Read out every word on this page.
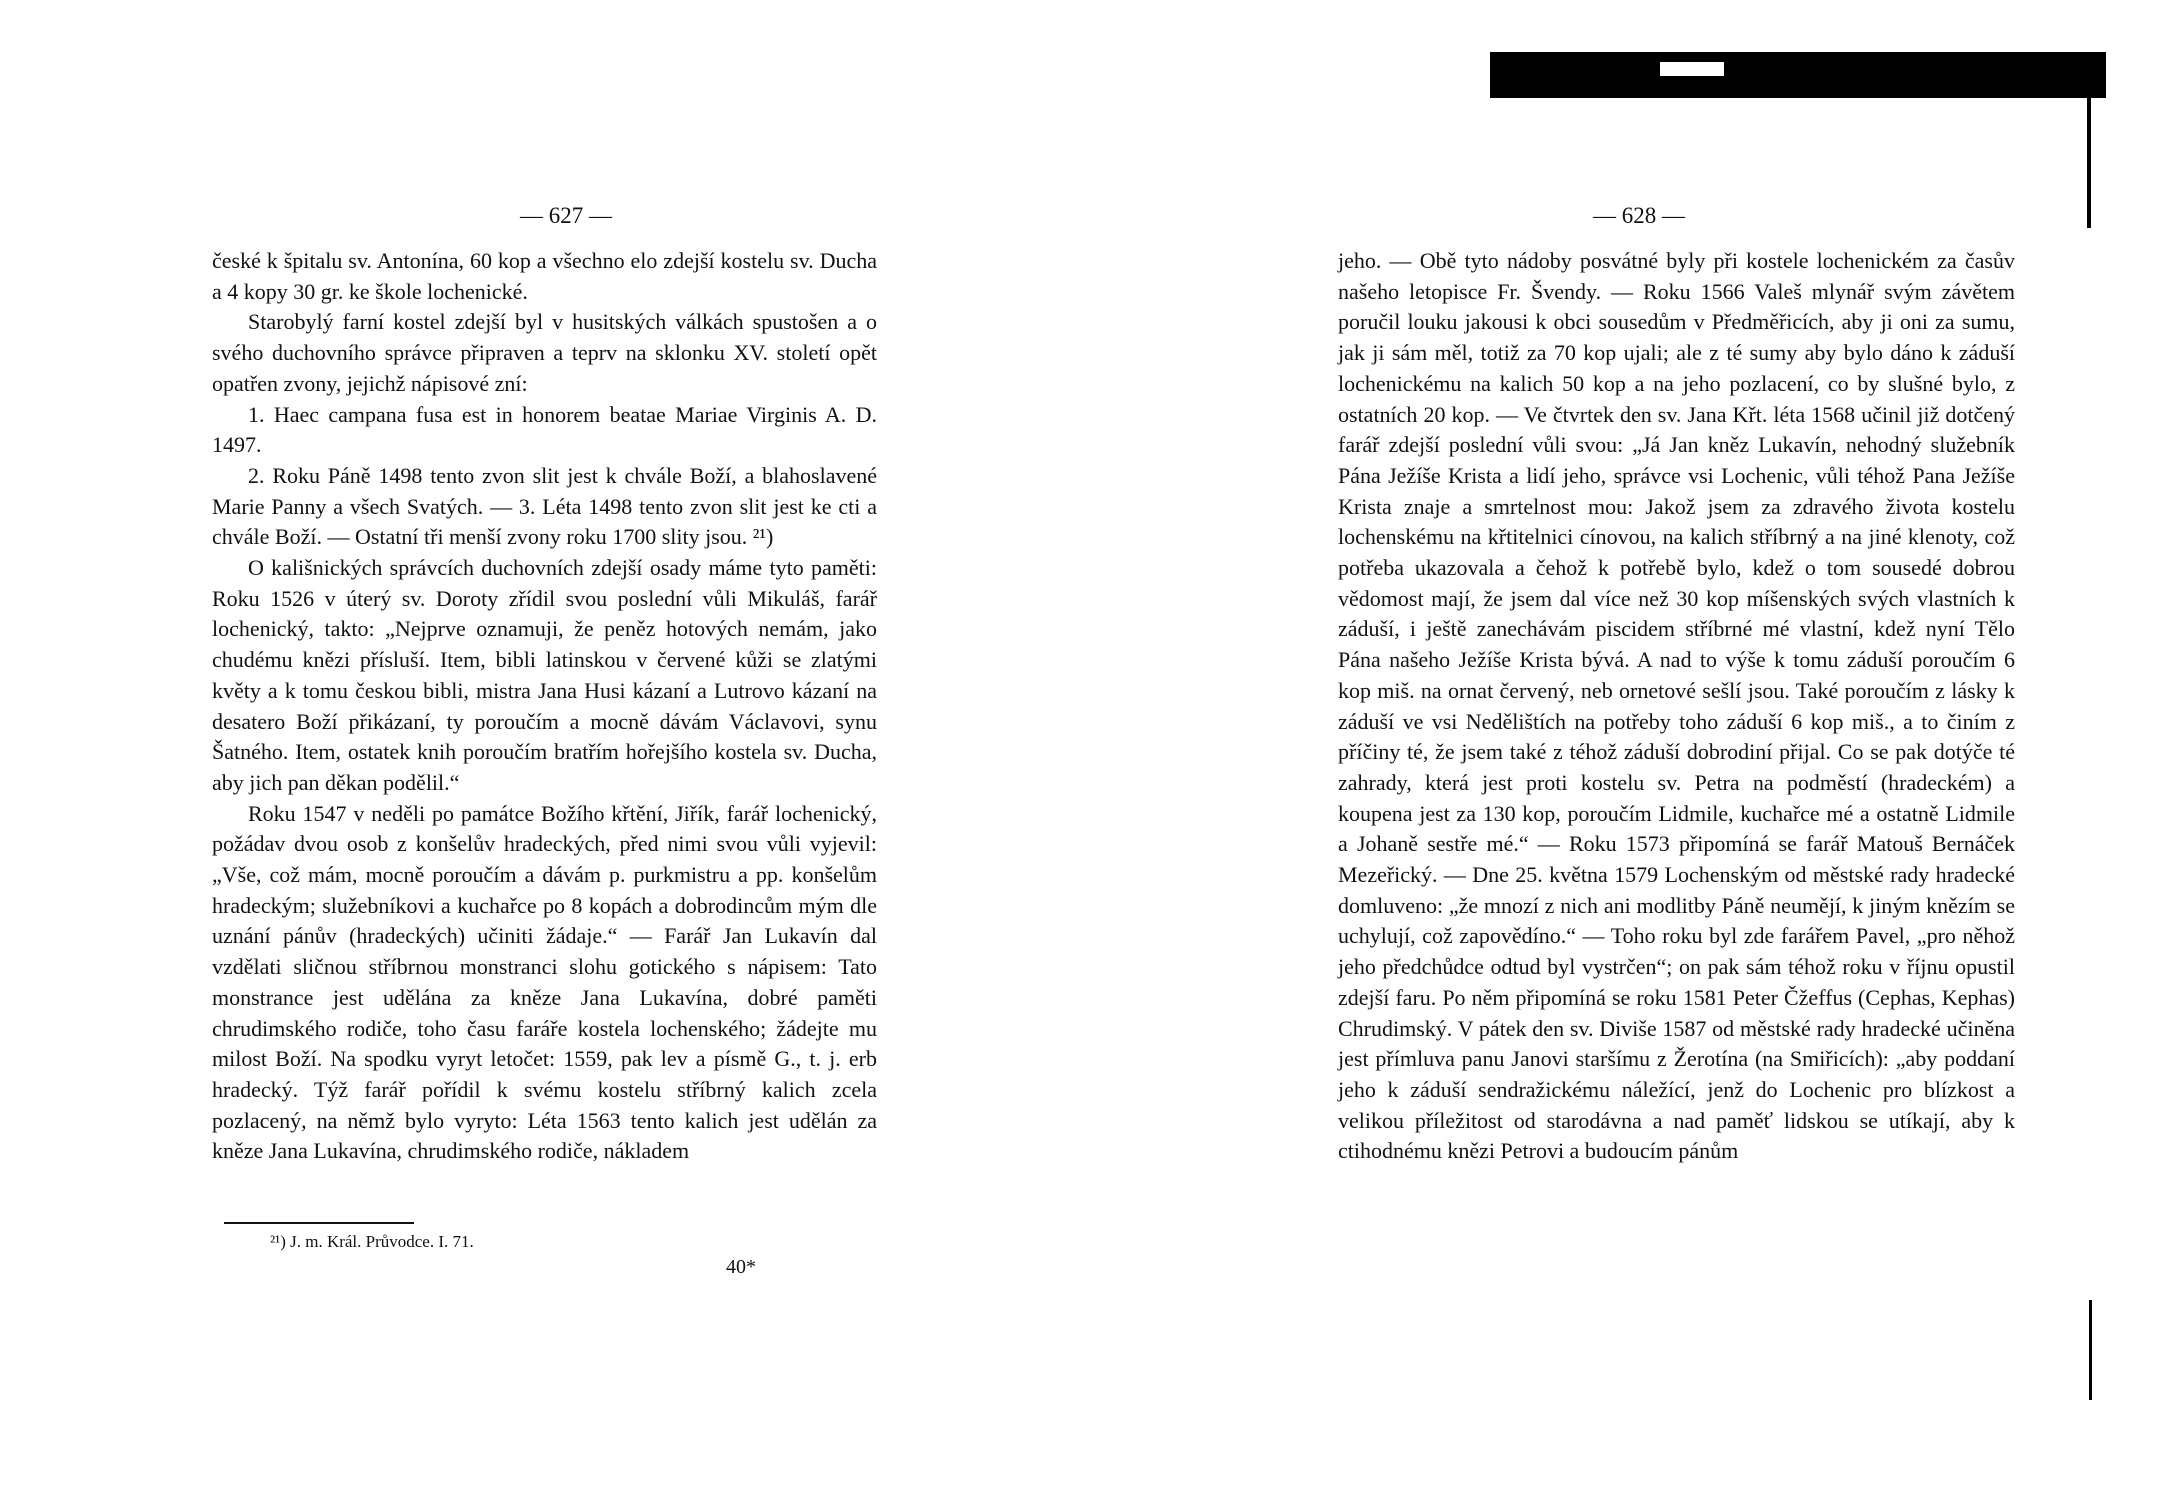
— 627 —

české k špitalu sv. Antonína, 60 kop a všechno elo zdejší kostelu sv. Ducha a 4 kopy 30 gr. ke škole lochenické.

Starobylý farní kostel zdejší byl v husitských válkách spustošen a o svého duchovního správce připraven a teprv na sklonku XV. století opět opatřen zvony, jejichž nápisové zní:

1. Haec campana fusa est in honorem beatae Mariae Virginis A. D. 1497.

2. Roku Páně 1498 tento zvon slit jest k chvále Boží, a blahoslavené Marie Panny a všech Svatých. — 3. Léta 1498 tento zvon slit jest ke cti a chvále Boží. — Ostatní tři menší zvony roku 1700 slity jsou. ²¹)

O kališnických správcích duchovních zdejší osady máme tyto paměti: Roku 1526 v úterý sv. Doroty zřídil svou poslední vůli Mikuláš, farář lochenický, takto: „Nejprve oznamuji, že peněz hotových nemám, jako chudému knězi přísluší. Item, bibli latinskou v červené kůži se zlatými květy a k tomu českou bibli, mistra Jana Husi kázaní a Lutrovo kázaní na desatero Boží přikázaní, ty poroučím a mocně dávám Václavovi, synu Šatného. Item, ostatek knih poroučím bratřím hořejšího kostela sv. Ducha, aby jich pan děkan podělil.“

Roku 1547 v neděli po památce Božího křtění, Jiřík, farář lochenický, požádav dvou osob z konšelův hradeckých, před nimi svou vůli vyjevil: „Vše, což mám, mocně poroučím a dávám p. purkmistru a pp. konšelům hradeckým; služebníkovi a kuchařce po 8 kopách a dobrodincům mým dle uznání pánův (hradeckých) učiniti žádaje.“ — Farář Jan Lukavín dal vzdělati sličnou stříbrnou monstranci slohu gotického s nápisem: Tato monstrance jest udělána za kněze Jana Lukavína, dobré paměti chrudimského rodiče, toho času faráře kostela lochenského; žádejte mu milost Boží. Na spodku vyryt letočet: 1559, pak lev a písmě G., t. j. erb hradecký. Týž farář pořídil k svému kostelu stříbrný kalich zcela pozlacený, na němž bylo vyryto: Léta 1563 tento kalich jest udělán za kněze Jana Lukavína, chrudimského rodiče, nákladem

²¹) J. m. Král. Průvodce. I. 71.
40*
— 628 —

jeho. — Obě tyto nádoby posvátné byly při kostele lochenickém za časův našeho letopisce Fr. Švendy. — Roku 1566 Valeš mlynář svým závětem poručil louku jakousi k obci sousedům v Předměřicích, aby ji oni za sumu, jak ji sám měl, totiž za 70 kop ujali; ale z té sumy aby bylo dáno k záduší lochenickému na kalich 50 kop a na jeho pozlacení, co by slušné bylo, z ostatních 20 kop. — Ve čtvrtek den sv. Jana Křt. léta 1568 učinil již dotčený farář zdejší poslední vůli svou: „Já Jan kněz Lukavín, nehodný služebník Pána Ježíše Krista a lidí jeho, správce vsi Lochenic, vůli téhož Pana Ježíše Krista znaje a smrtelnost mou: Jakož jsem za zdravého života kostelu lochenskému na křtitelnici cínovou, na kalich stříbrný a na jiné klenoty, což potřeba ukazovala a čehož k potřebě bylo, kdež o tom sousedé dobrou vědomost mají, že jsem dal více než 30 kop míšenských svých vlastních k záduší, i ještě zanechávám piscidem stříbrné mé vlastní, kdež nyní Tělo Pána našeho Ježíše Krista bývá. A nad to výše k tomu záduší poroučím 6 kop miš. na ornat červený, neb ornetové sešlí jsou. Také poroučím z lásky k záduší ve vsi Nedělištích na potřeby toho záduší 6 kop miš., a to činím z příčiny té, že jsem také z téhož záduší dobrodiní přijal. Co se pak dotýče té zahrady, která jest proti kostelu sv. Petra na podměstí (hradeckém) a koupena jest za 130 kop, poroučím Lidmile, kuchařce mé a ostatně Lidmile a Johaně sestře mé.“ — Roku 1573 připomíná se farář Matouš Bernáček Mezeřický. — Dne 25. května 1579 Lochenským od městské rady hradecké domluveno: „že mnozí z nich ani modlitby Páně neumějí, k jiným knězím se uchylují, což zapovědíno.“ — Toho roku byl zde farářem Pavel, „pro něhož jeho předchůdce odtud byl vystrčen“; on pak sám téhož roku v říjnu opustil zdejší faru. Po něm připomíná se roku 1581 Peter Čžeffus (Cephas, Kephas) Chrudimský. V pátek den sv. Diviše 1587 od městské rady hradecké učiněna jest přímluva panu Janovi staršímu z Žerotína (na Smiřicích): „aby poddaní jeho k záduší sendražickému náležící, jenž do Lochenic pro blízkost a velikou příležitost od starodávna a nad paměť lidskou se utíkají, aby k ctihodnému knězi Petrovi a budoucím pánům
